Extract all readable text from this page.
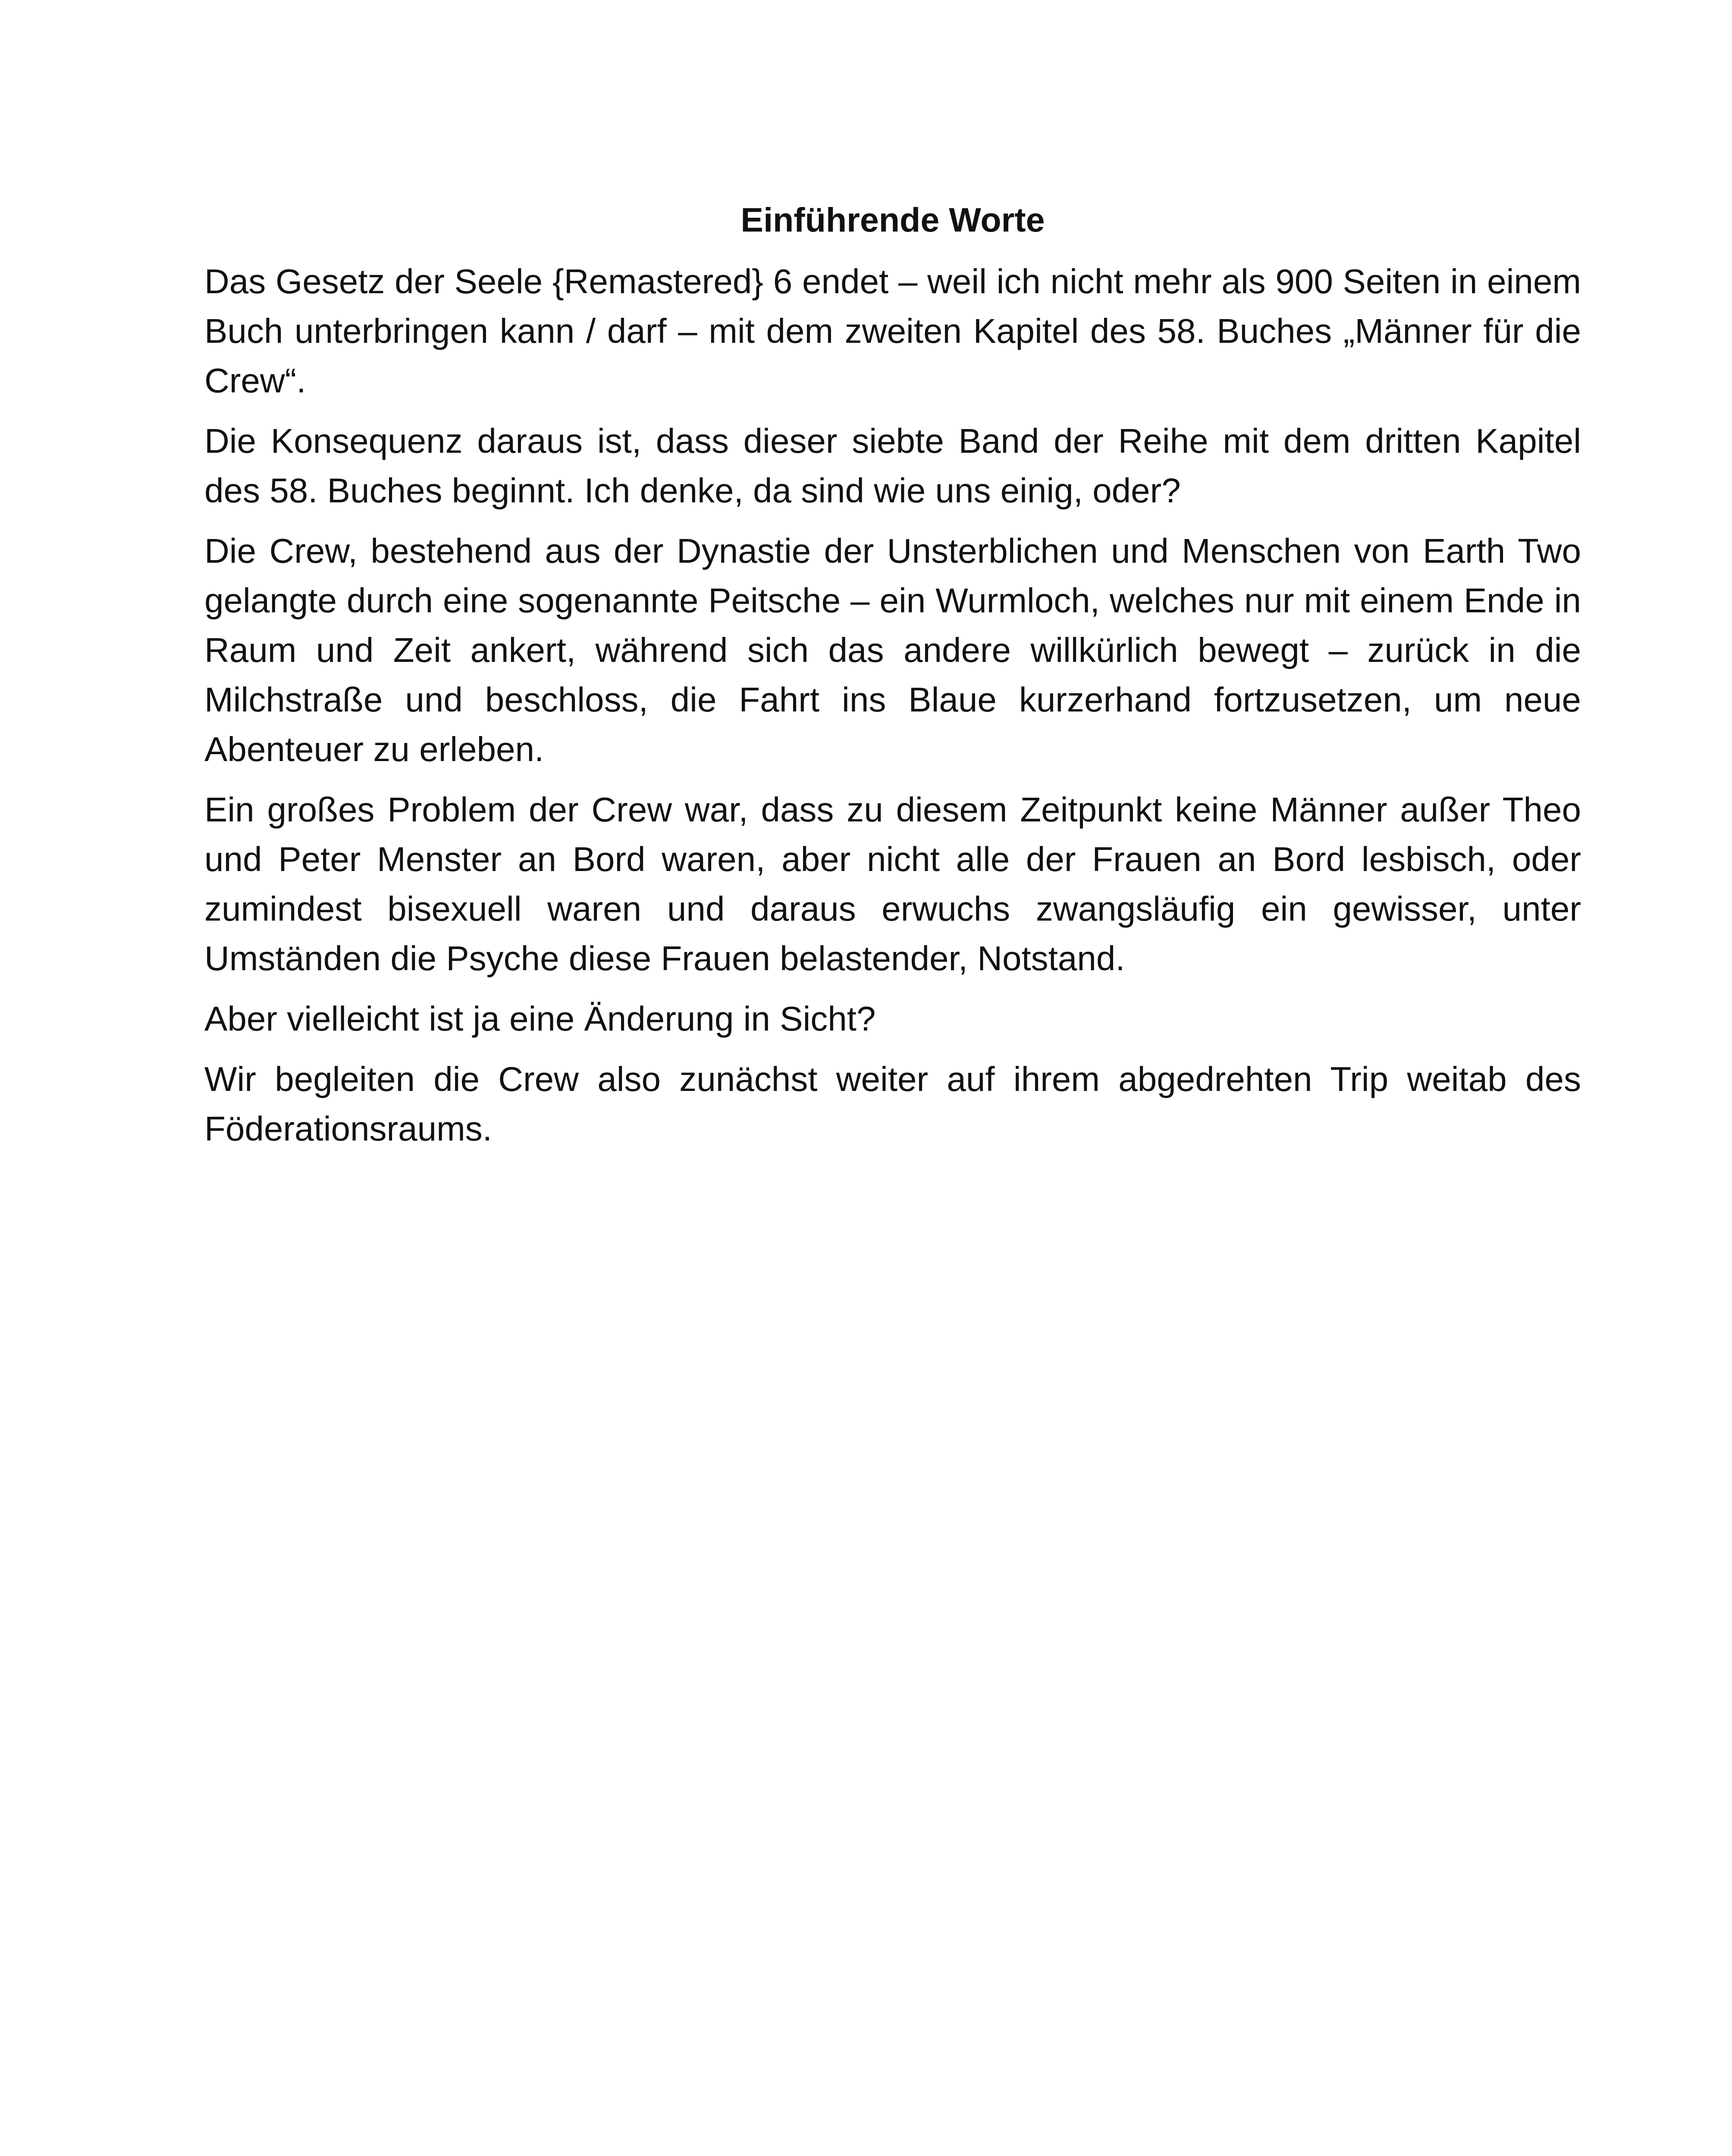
Einführende Worte

Das Gesetz der Seele {Remastered} 6 endet – weil ich nicht mehr als 900 Seiten in einem Buch unterbringen kann / darf – mit dem zweiten Kapitel des 58. Buches „Männer für die Crew“.

Die Konsequenz daraus ist, dass dieser siebte Band der Reihe mit dem dritten Kapitel des 58. Buches beginnt. Ich denke, da sind wie uns einig, oder?

Die Crew, bestehend aus der Dynastie der Unsterblichen und Menschen von Earth Two gelangte durch eine sogenannte Peitsche – ein Wurmloch, welches nur mit einem Ende in Raum und Zeit ankert, während sich das andere willkürlich bewegt – zurück in die Milchstraße und beschloss, die Fahrt ins Blaue kurzerhand fortzusetzen, um neue Abenteuer zu erleben.

Ein großes Problem der Crew war, dass zu diesem Zeitpunkt keine Männer außer Theo und Peter Menster an Bord waren, aber nicht alle der Frauen an Bord lesbisch, oder zumindest bisexuell waren und daraus erwuchs zwangsläufig ein gewisser, unter Umständen die Psyche diese Frauen belastender, Notstand.

Aber vielleicht ist ja eine Änderung in Sicht?

Wir begleiten die Crew also zunächst weiter auf ihrem abgedrehten Trip weitab des Föderationsraums.
